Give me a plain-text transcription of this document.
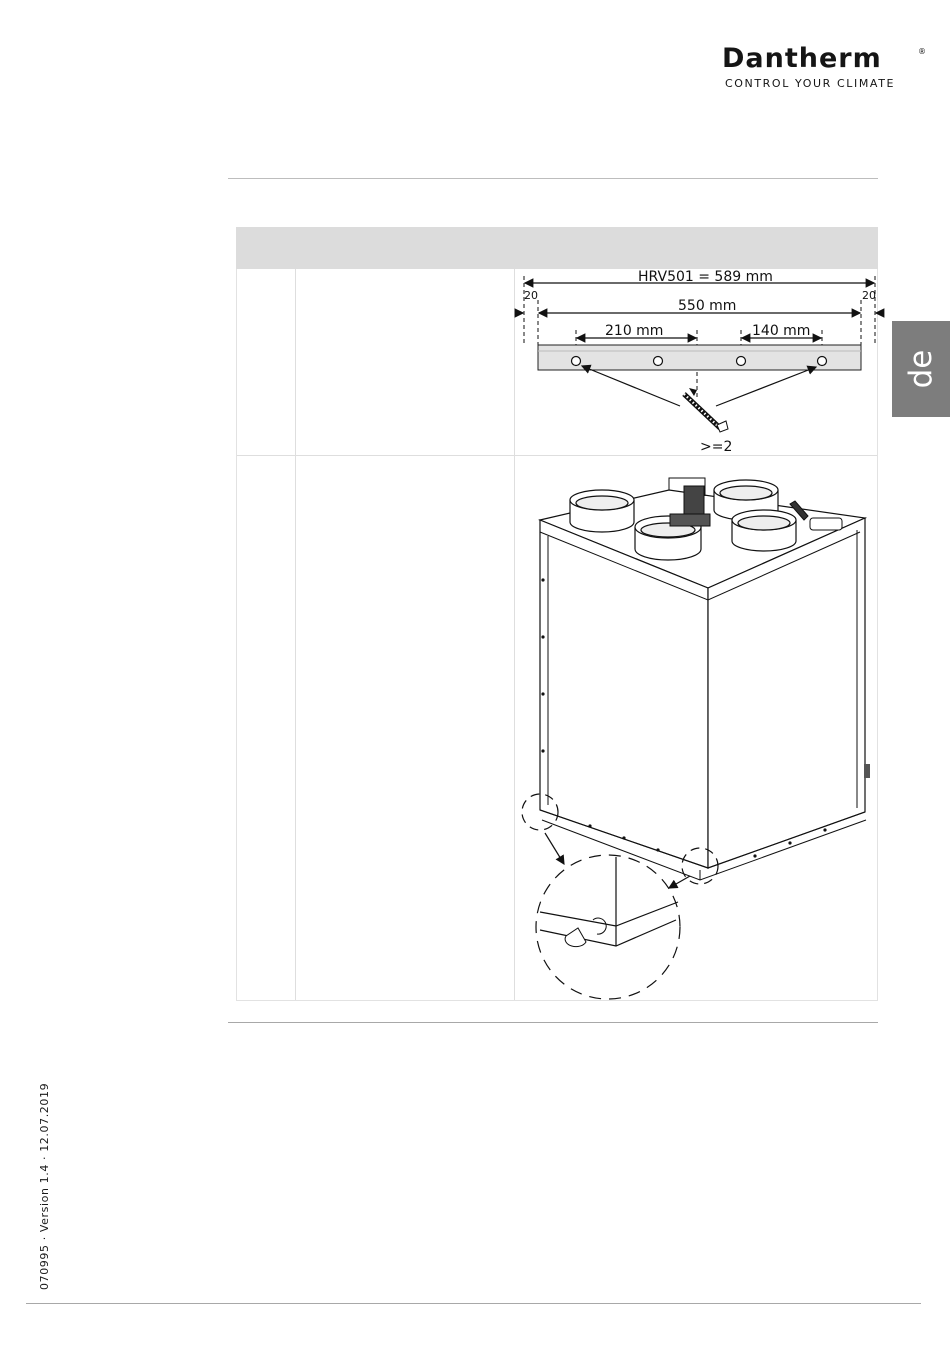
Dantherm	®
CONTROL YOUR CLIMATE
de
HRV501 = 589 mm
20	20
550 mm
210 mm	140 mm
>=2
070995 · Version 1.4 · 12.07.2019
